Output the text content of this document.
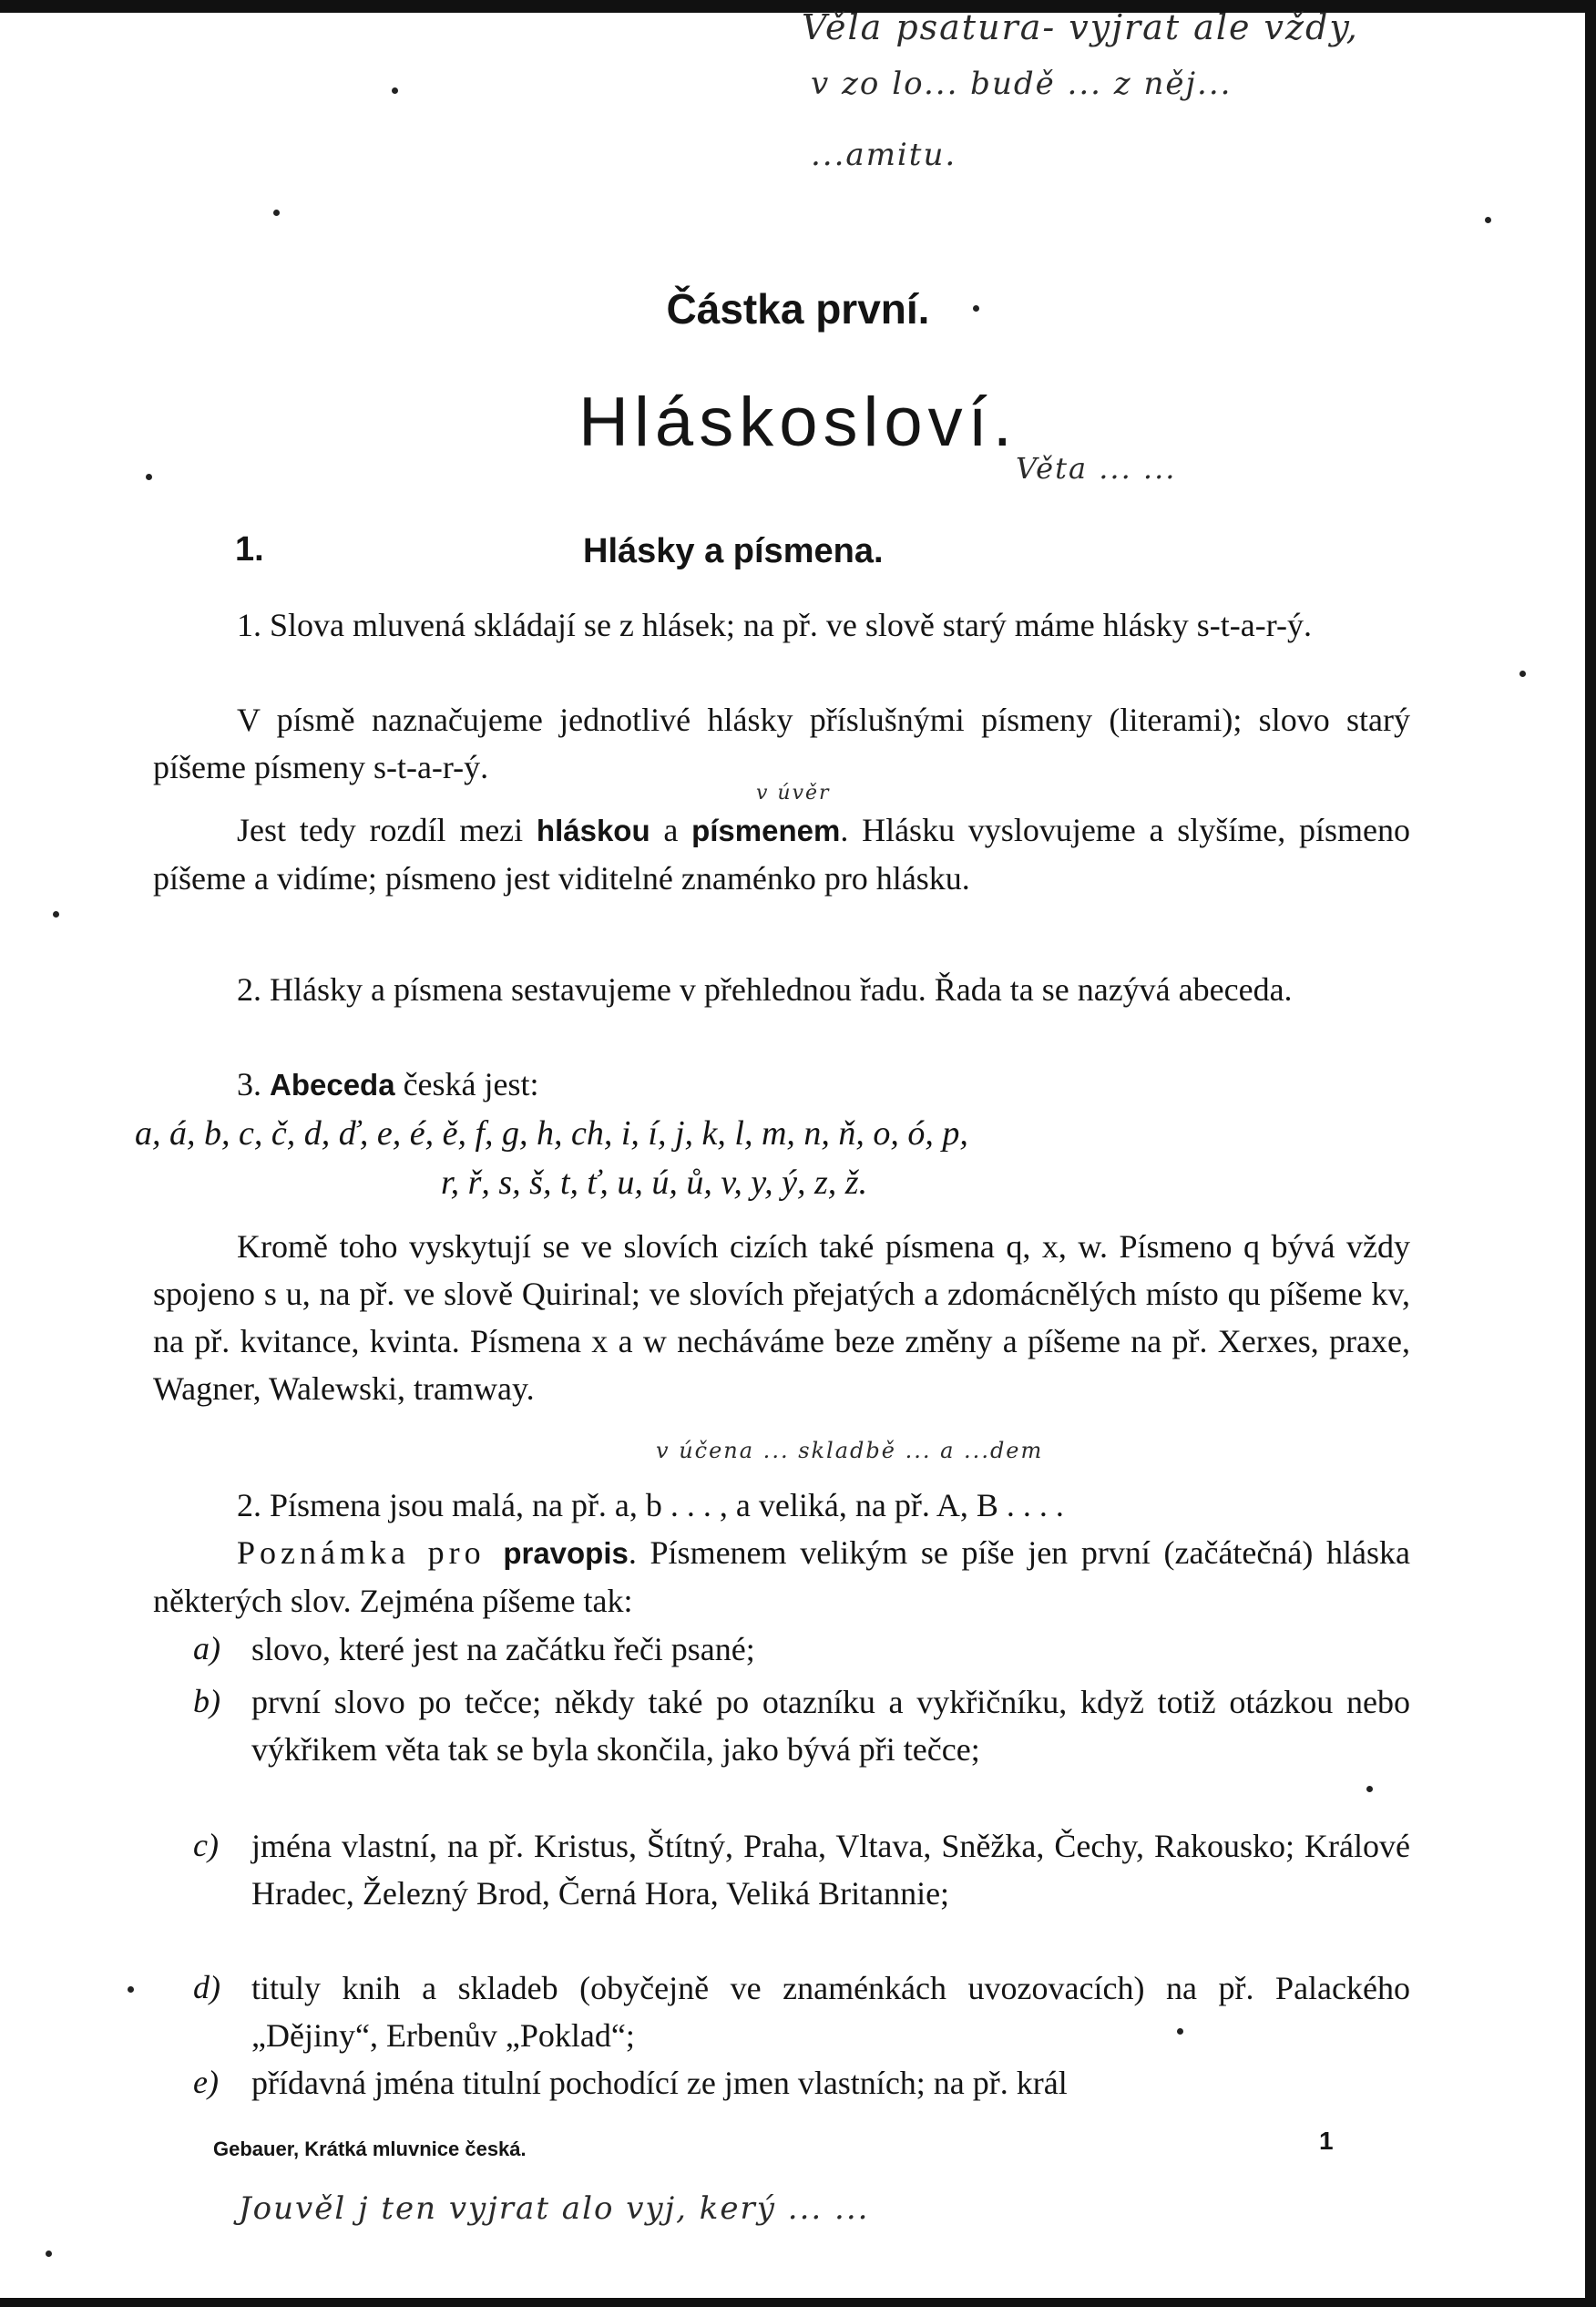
Věla psatura- vyjrat ale vždy,
v zo lo... budě ... z něj...
...amitu.
Věta ... ...
v úvěr
v účena ... skladbě ... a ...dem
Jouvěl j ten vyjrat alo vyj, kerý ... ...
Částka první.
Hláskosloví.
1.	Hlásky a písmena.
1. Slova mluvená skládají se z hlásek; na př. ve slově starý máme hlásky s-t-a-r-ý.
V písmě naznačujeme jednotlivé hlásky příslušnými písmeny (literami); slovo starý píšeme písmeny s-t-a-r-ý.
Jest tedy rozdíl mezi hláskou a písmenem. Hlásku vyslovujeme a slyšíme, písmeno píšeme a vidíme; písmeno jest viditelné znaménko pro hlásku.
2. Hlásky a písmena sestavujeme v přehlednou řadu. Řada ta se nazývá abeceda.
3. Abeceda česká jest:
a, á, b, c, č, d, ď, e, é, ě, f, g, h, ch, i, í, j, k, l, m, n, ň, o, ó, p,
r, ř, s, š, t, ť, u, ú, ů, v, y, ý, z, ž.
Kromě toho vyskytují se ve slovích cizích také písmena q, x, w. Písmeno q bývá vždy spojeno s u, na př. ve slově Quirinal; ve slovích přejatých a zdomácnělých místo qu píšeme kv, na př. kvitance, kvinta. Písmena x a w necháváme beze změny a píšeme na př. Xerxes, praxe, Wagner, Walewski, tramway.
2. Písmena jsou malá, na př. a, b . . . , a veliká, na př. A, B . . . .
Poznámka pro pravopis. Písmenem velikým se píše jen první (začátečná) hláska některých slov. Zejména píšeme tak:
a) slovo, které jest na začátku řeči psané;
b) první slovo po tečce; někdy také po otazníku a vykřičníku, když totiž otázkou nebo výkřikem věta tak se byla skončila, jako bývá při tečce;
c) jména vlastní, na př. Kristus, Štítný, Praha, Vltava, Sněžka, Čechy, Rakousko; Králové Hradec, Železný Brod, Černá Hora, Veliká Britannie;
d) tituly knih a skladeb (obyčejně ve znaménkách uvozovacích) na př. Palackého „Dějiny“, Erbenův „Poklad“;
e) přídavná jména titulní pochodící ze jmen vlastních; na př. král
Gebauer, Krátká mluvnice česká.	1
